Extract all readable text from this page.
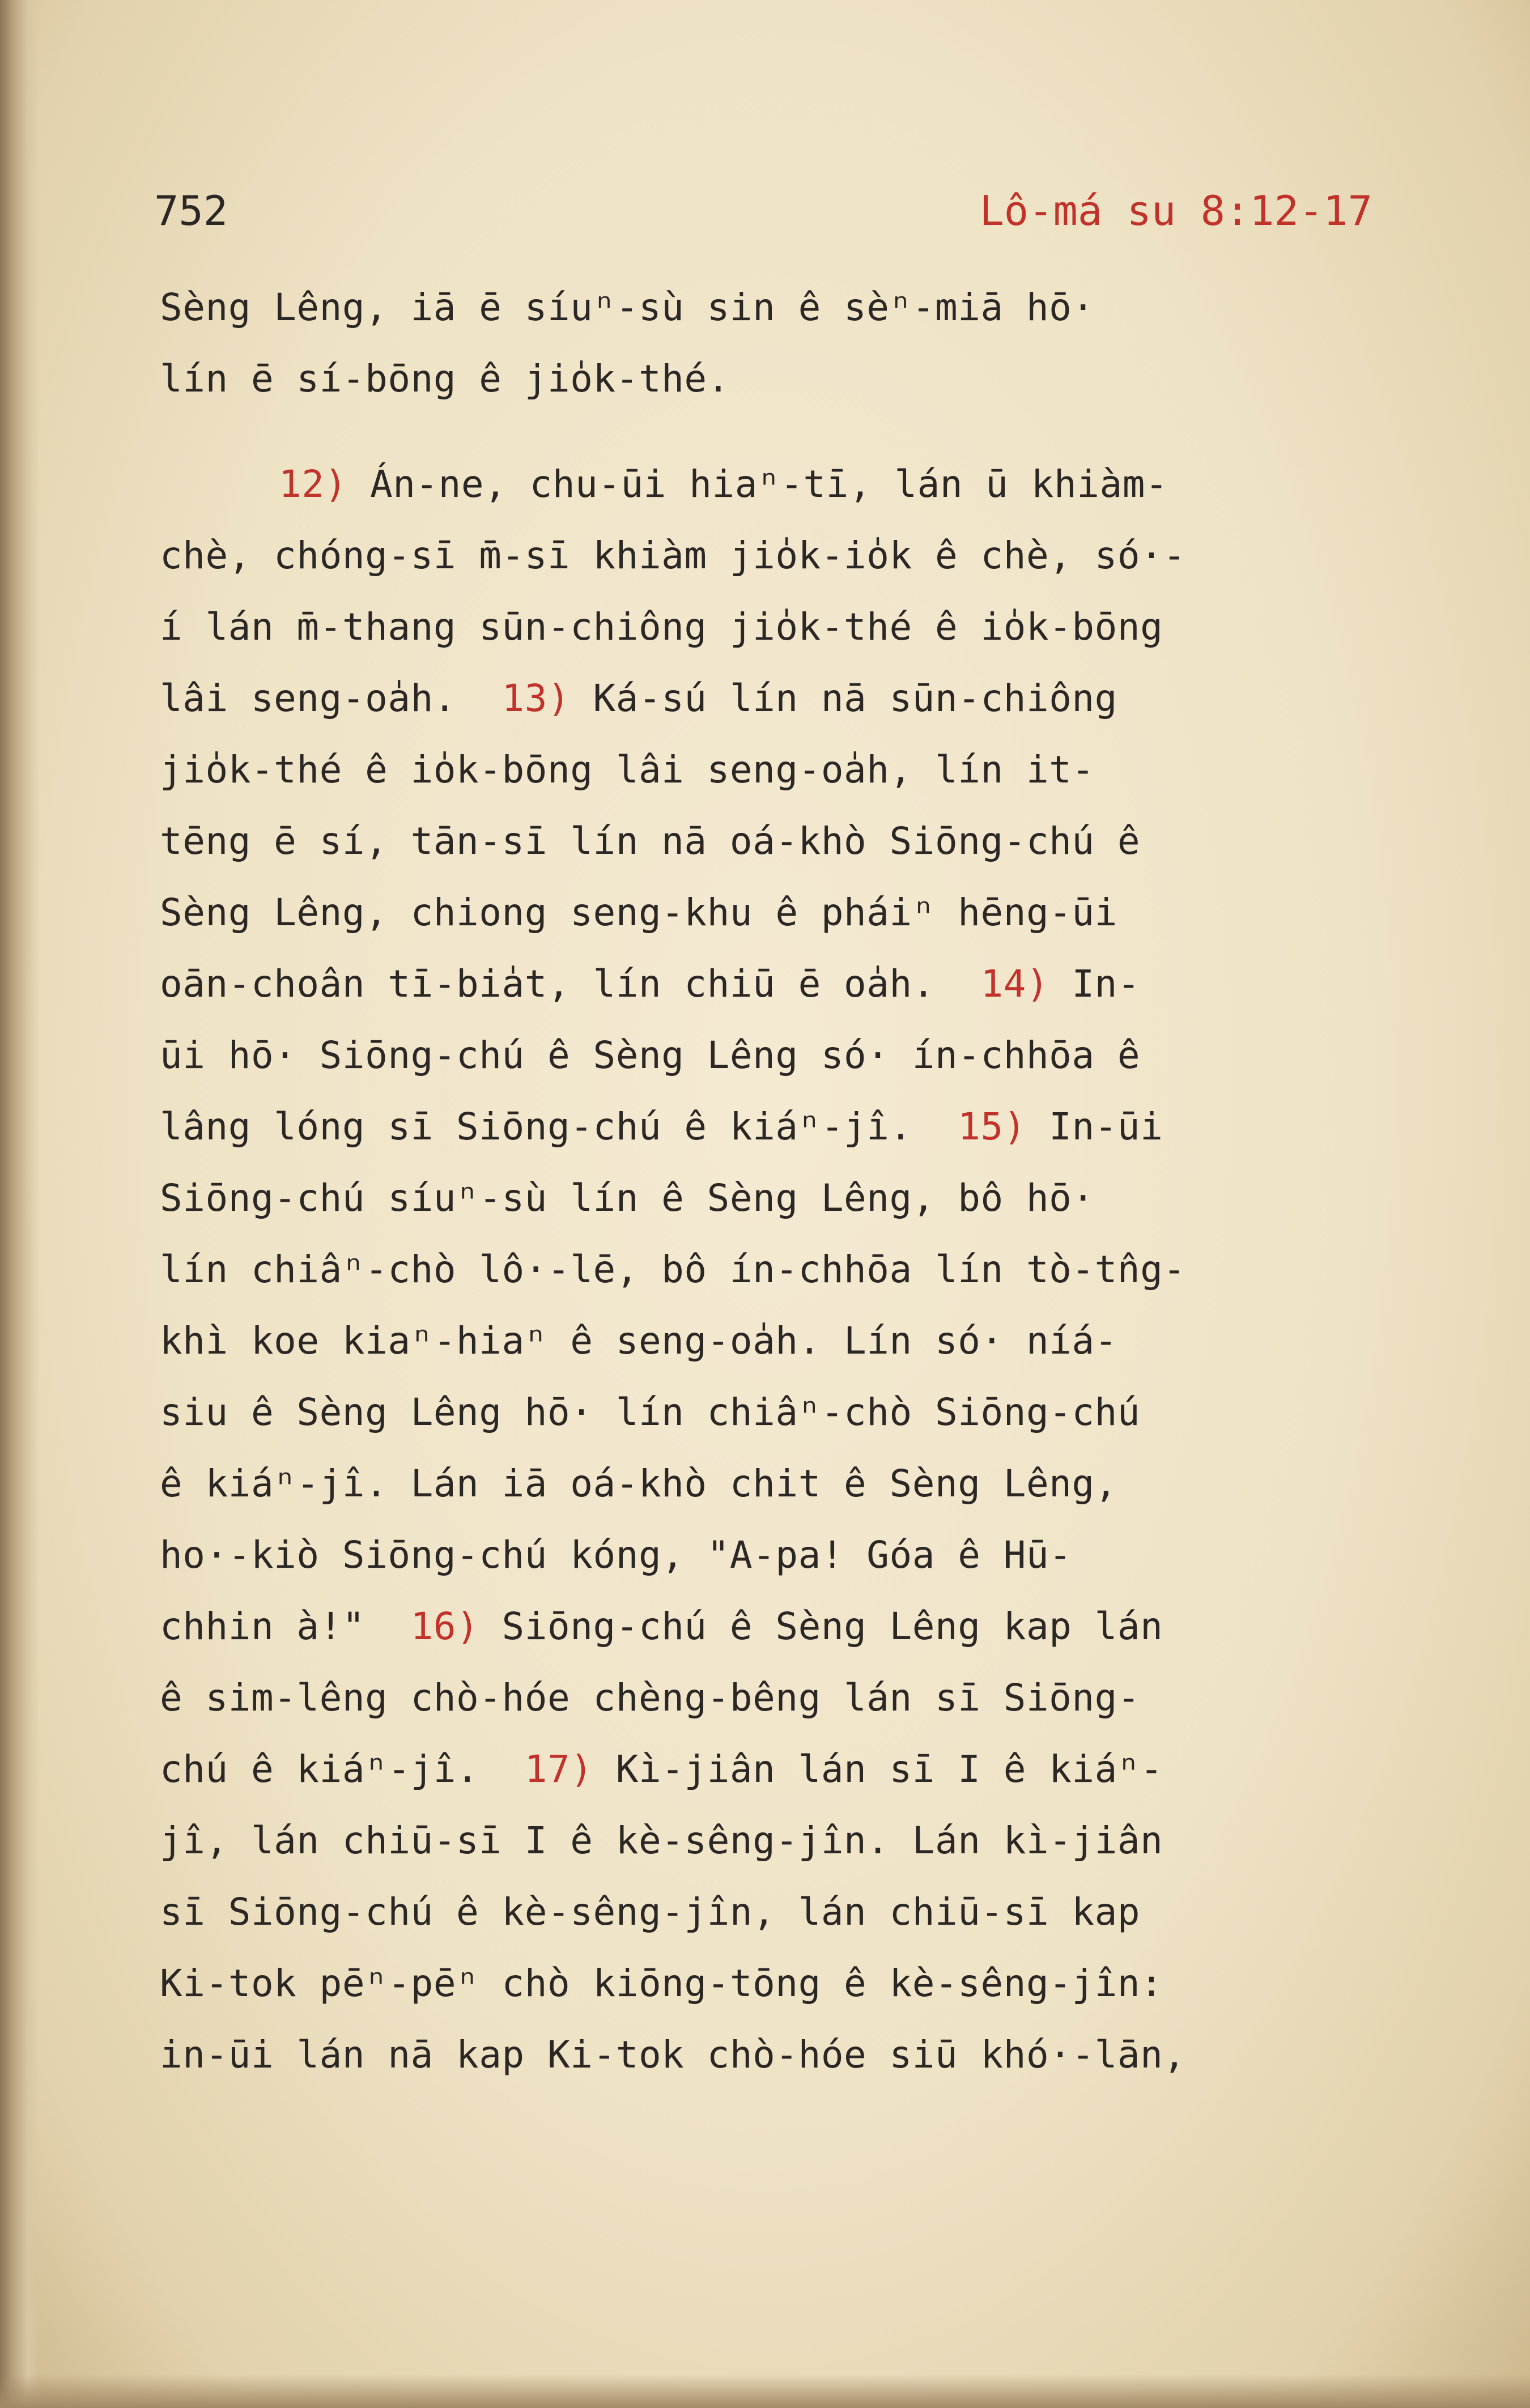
752	Lô-má su 8:12-17
Sèng Lêng, iā ē síuⁿ-sù sin ê sèⁿ-miā hō·
lín ē sí-bōng ê jio̍k-thé.
12) Án-ne, chu-ūi hiaⁿ-tī, lán ū khiàm-
chè, chóng-sī m̄-sī khiàm jio̍k-io̍k ê chè, só·-
í lán m̄-thang sūn-chiông jio̍k-thé ê io̍k-bōng
lâi seng-oa̍h.  13) Ká-sú lín nā sūn-chiông
jio̍k-thé ê io̍k-bōng lâi seng-oa̍h, lín it-
tēng ē sí, tān-sī lín nā oá-khò Siōng-chú ê
Sèng Lêng, chiong seng-khu ê pháiⁿ hēng-ūi
oān-choân tī-bia̍t, lín chiū ē oa̍h.  14) In-
ūi hō· Siōng-chú ê Sèng Lêng só· ín-chhōa ê
lâng lóng sī Siōng-chú ê kiáⁿ-jî.  15) In-ūi
Siōng-chú síuⁿ-sù lín ê Sèng Lêng, bô hō·
lín chiâⁿ-chò lô·-lē, bô ín-chhōa lín tò-tn̂g-
khì koe kiaⁿ-hiaⁿ ê seng-oa̍h. Lín só· níá-
siu ê Sèng Lêng hō· lín chiâⁿ-chò Siōng-chú
ê kiáⁿ-jî. Lán iā oá-khò chit ê Sèng Lêng,
ho·-kiò Siōng-chú kóng, "A-pa! Góa ê Hū-
chhin à!"  16) Siōng-chú ê Sèng Lêng kap lán
ê sim-lêng chò-hóe chèng-bêng lán sī Siōng-
chú ê kiáⁿ-jî.  17) Kì-jiân lán sī I ê kiáⁿ-
jî, lán chiū-sī I ê kè-sêng-jîn. Lán kì-jiân
sī Siōng-chú ê kè-sêng-jîn, lán chiū-sī kap
Ki-tok pēⁿ-pēⁿ chò kiōng-tōng ê kè-sêng-jîn:
in-ūi lán nā kap Ki-tok chò-hóe siū khó·-lān,
